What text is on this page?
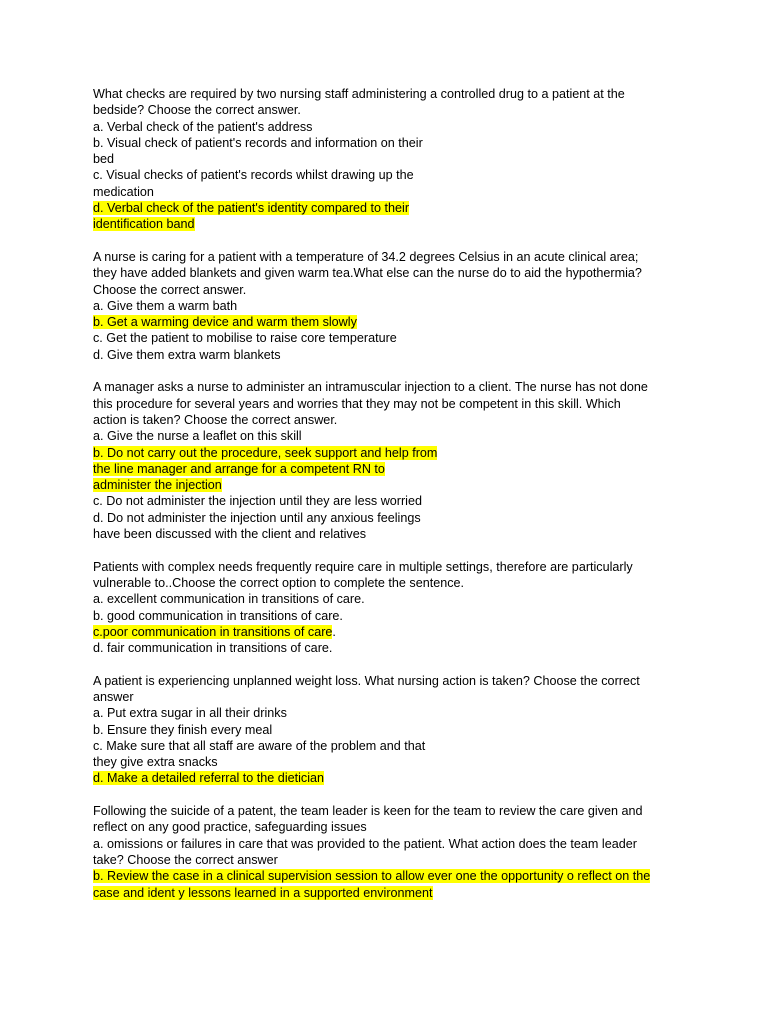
What checks are required by two nursing staff administering a controlled drug to a patient at the
bedside? Choose the correct answer.
a. Verbal check of the patient's address
b. Visual check of patient's records and information on their
bed
c. Visual checks of patient's records whilst drawing up the
medication
d. Verbal check of the patient's identity compared to their
identification band
A nurse is caring for a patient with a temperature of 34.2 degrees Celsius in an acute clinical area;
they have added blankets and given warm tea.What else can the nurse do to aid the hypothermia?
Choose the correct answer.
a. Give them a warm bath
b. Get a warming device and warm them slowly
c. Get the patient to mobilise to raise core temperature
d. Give them extra warm blankets
A manager asks a nurse to administer an intramuscular injection to a client. The nurse has not done
this procedure for several years and worries that they may not be competent in this skill. Which
action is taken? Choose the correct answer.
a. Give the nurse a leaflet on this skill
b. Do not carry out the procedure, seek support and help from
the line manager and arrange for a competent RN to
administer the injection
c. Do not administer the injection until they are less worried
d. Do not administer the injection until any anxious feelings
have been discussed with the client and relatives
Patients with complex needs frequently require care in multiple settings, therefore are particularly
vulnerable to..Choose the correct option to complete the sentence.
a. excellent communication in transitions of care.
b. good communication in transitions of care.
c.poor communication in transitions of care.
d. fair communication in transitions of care.
A patient is experiencing unplanned weight loss. What nursing action is taken? Choose the correct
answer
a. Put extra sugar in all their drinks
b. Ensure they finish every meal
c. Make sure that all staff are aware of the problem and that
they give extra snacks
d. Make a detailed referral to the dietician
Following the suicide of a patent, the team leader is keen for the team to review the care given and
reflect on any good practice, safeguarding issues
a. omissions or failures in care that was provided to the patient. What action does the team leader
take? Choose the correct answer
b. Review the case in a clinical supervision session to allow ever one the opportunity o reflect on the
case and ident y lessons learned in a supported environment
